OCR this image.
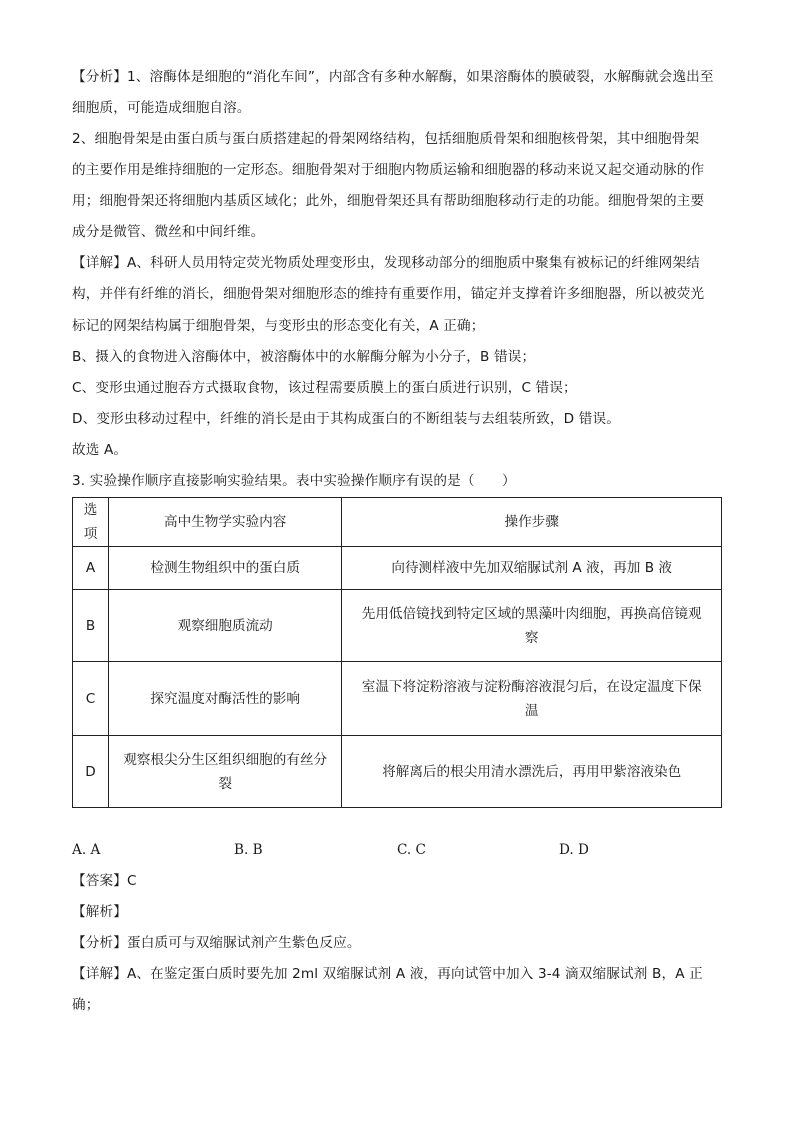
【分析】1、溶酶体是细胞的“消化车间”，内部含有多种水解酶，如果溶酶体的膜破裂，水解酶就会逸出至
细胞质，可能造成细胞自溶。
2、细胞骨架是由蛋白质与蛋白质搭建起的骨架网络结构，包括细胞质骨架和细胞核骨架，其中细胞骨架
的主要作用是维持细胞的一定形态。细胞骨架对于细胞内物质运输和细胞器的移动来说又起交通动脉的作
用；细胞骨架还将细胞内基质区域化；此外，细胞骨架还具有帮助细胞移动行走的功能。细胞骨架的主要
成分是微管、微丝和中间纤维。
【详解】A、科研人员用特定荧光物质处理变形虫，发现移动部分的细胞质中聚集有被标记的纤维网架结
构，并伴有纤维的消长，细胞骨架对细胞形态的维持有重要作用，锚定并支撑着许多细胞器，所以被荧光
标记的网架结构属于细胞骨架，与变形虫的形态变化有关，A 正确；
B、摄入的食物进入溶酶体中，被溶酶体中的水解酶分解为小分子，B 错误；
C、变形虫通过胞吞方式摄取食物，该过程需要质膜上的蛋白质进行识别，C 错误；
D、变形虫移动过程中，纤维的消长是由于其构成蛋白的不断组装与去组装所致，D 错误。
故选 A。
3. 实验操作顺序直接影响实验结果。表中实验操作顺序有误的是（　　）
选项	高中生物学实验内容	操作步骤
A	检测生物组织中的蛋白质	向待测样液中先加双缩脲试剂 A 液，再加 B 液
B	观察细胞质流动	先用低倍镜找到特定区域的黑藻叶肉细胞，再换高倍镜观
察
C	探究温度对酶活性的影响	室温下将淀粉溶液与淀粉酶溶液混匀后，在设定温度下保
温
D	观察根尖分生区组织细胞的有丝分
裂	将解离后的根尖用清水漂洗后，再用甲紫溶液染色
A. A	B. B	C. C	D. D
【答案】C
【解析】
【分析】蛋白质可与双缩脲试剂产生紫色反应。
【详解】A、在鉴定蛋白质时要先加 2ml 双缩脲试剂 A 液，再向试管中加入 3-4 滴双缩脲试剂 B，A 正
确；
